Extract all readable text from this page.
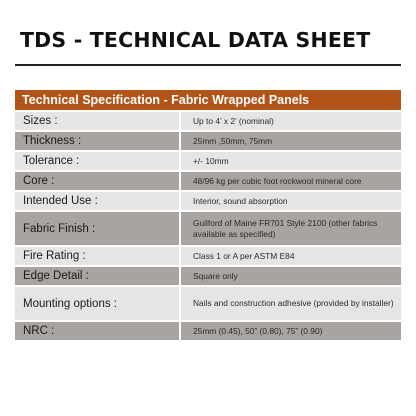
TDS - TECHNICAL DATA SHEET
Technical Specification - Fabric Wrapped Panels
Sizes :	Up to 4’ x 2’ (nominal)
Thickness :	25mm ,50mm, 75mm
Tolerance :	+/- 10mm
Core :	48/96 kg per cubic foot rockwool mineral core
Intended Use :	Interior, sound absorption
Fabric Finish :	Guilford of Maine FR701 Style 2100 (other fabrics available as specified)
Fire Rating :	Class 1 or A per ASTM E84
Edge Detail :	Square only
Mounting options :	Nails and construction adhesive (provided by installer)
NRC :	25mm (0.45), 50” (0.80), 75” (0.90)
